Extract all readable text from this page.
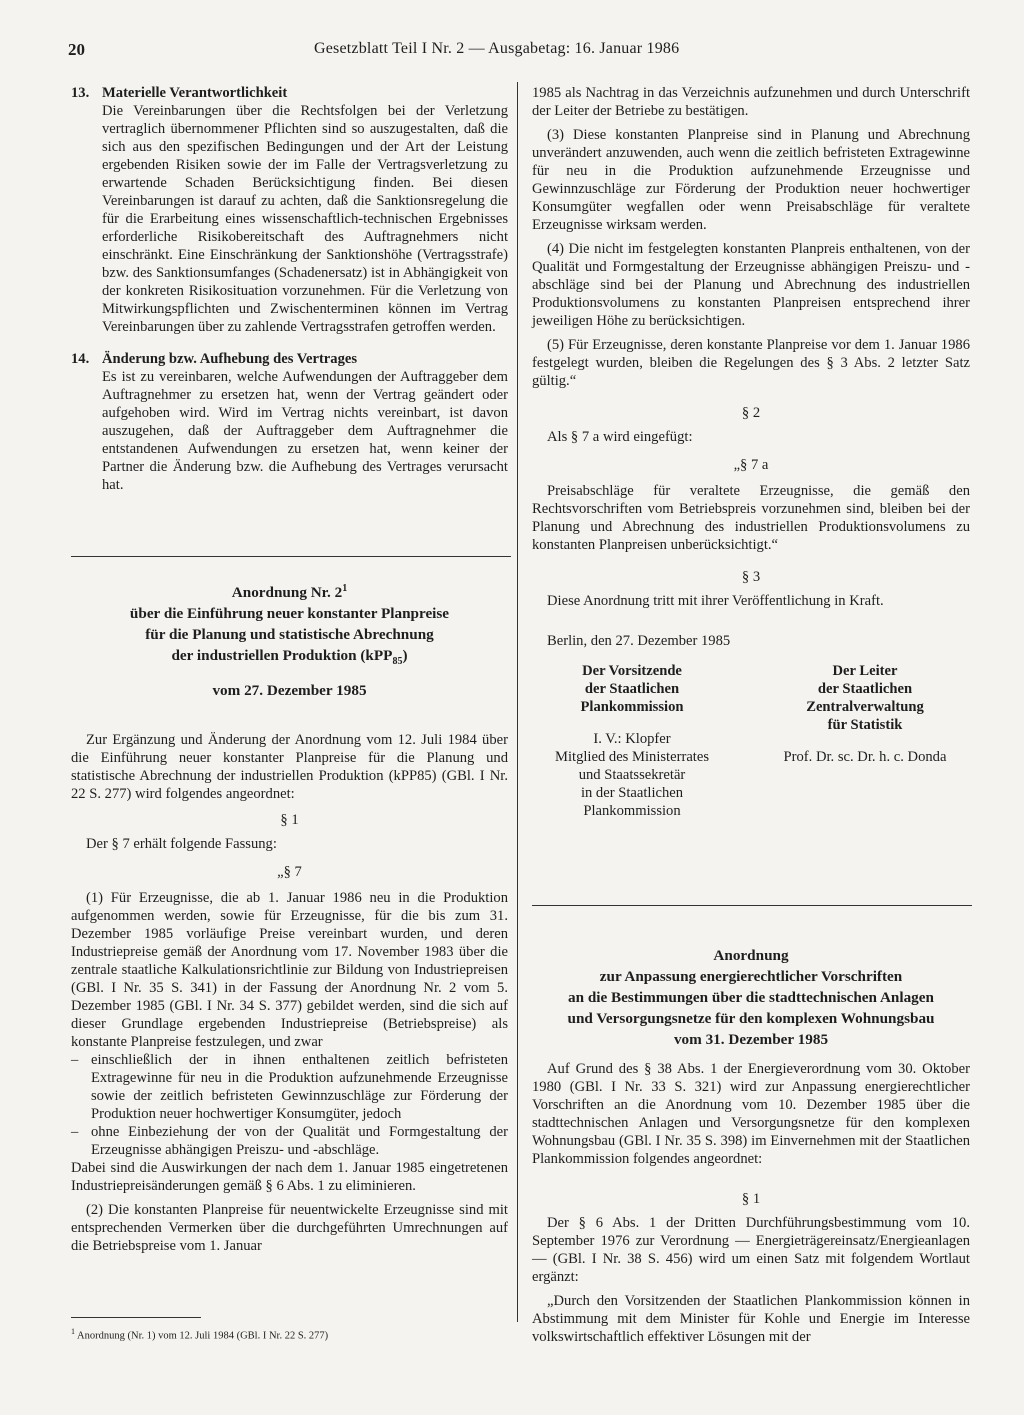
20	Gesetzblatt Teil I Nr. 2 — Ausgabetag: 16. Januar 1986

13. Materielle Verantwortlichkeit

Die Vereinbarungen über die Rechtsfolgen bei der Verletzung vertraglich übernommener Pflichten sind so auszugestalten, daß die sich aus den spezifischen Bedingungen und der Art der Leistung ergebenden Risiken sowie der im Falle der Vertragsverletzung zu erwartende Schaden Berücksichtigung finden. Bei diesen Vereinbarungen ist darauf zu achten, daß die Sanktionsregelung die für die Erarbeitung eines wissenschaftlich-technischen Ergebnisses erforderliche Risikobereitschaft des Auftragnehmers nicht einschränkt. Eine Einschränkung der Sanktionshöhe (Vertragsstrafe) bzw. des Sanktionsumfanges (Schadenersatz) ist in Abhängigkeit von der konkreten Risikosituation vorzunehmen. Für die Verletzung von Mitwirkungspflichten und Zwischenterminen können im Vertrag Vereinbarungen über zu zahlende Vertragsstrafen getroffen werden.

14. Änderung bzw. Aufhebung des Vertrages

Es ist zu vereinbaren, welche Aufwendungen der Auftraggeber dem Auftragnehmer zu ersetzen hat, wenn der Vertrag geändert oder aufgehoben wird. Wird im Vertrag nichts vereinbart, ist davon auszugehen, daß der Auftraggeber dem Auftragnehmer die entstandenen Aufwendungen zu ersetzen hat, wenn keiner der Partner die Änderung bzw. die Aufhebung des Vertrages verursacht hat.

Anordnung Nr. $2^1$
über die Einführung neuer konstanter Planpreise
für die Planung und statistische Abrechnung
der industriellen Produktion (kPP$_{85}$)
vom 27. Dezember 1985

Zur Ergänzung und Änderung der Anordnung vom 12. Juli 1984 über die Einführung neuer konstanter Planpreise für die Planung und statistische Abrechnung der industriellen Produktion (kPP85) (GBl. I Nr. 22 S. 277) wird folgendes angeordnet:

§ 1

Der § 7 erhält folgende Fassung:

„§ 7

(1) Für Erzeugnisse, die ab 1. Januar 1986 neu in die Produktion aufgenommen werden, sowie für Erzeugnisse, für die bis zum 31. Dezember 1985 vorläufige Preise vereinbart wurden, und deren Industriepreise gemäß der Anordnung vom 17. November 1983 über die zentrale staatliche Kalkulationsrichtlinie zur Bildung von Industriepreisen (GBl. I Nr. 35 S. 341) in der Fassung der Anordnung Nr. 2 vom 5. Dezember 1985 (GBl. I Nr. 34 S. 377) gebildet werden, sind die sich auf dieser Grundlage ergebenden Industriepreise (Betriebspreise) als konstante Planpreise festzulegen, und zwar

– einschließlich der in ihnen enthaltenen zeitlich befristeten Extragewinne für neu in die Produktion aufzunehmende Erzeugnisse sowie der zeitlich befristeten Gewinnzuschläge zur Förderung der Produktion neuer hochwertiger Konsumgüter, jedoch
– ohne Einbeziehung der von der Qualität und Formgestaltung der Erzeugnisse abhängigen Preiszu- und -abschläge.

Dabei sind die Auswirkungen der nach dem 1. Januar 1985 eingetretenen Industriepreisänderungen gemäß § 6 Abs. 1 zu eliminieren.

(2) Die konstanten Planpreise für neuentwickelte Erzeugnisse sind mit entsprechenden Vermerken über die durchgeführten Umrechnungen auf die Betriebspreise vom 1. Januar

$^1$ Anordnung (Nr. 1) vom 12. Juli 1984 (GBl. I Nr. 22 S. 277)

1985 als Nachtrag in das Verzeichnis aufzunehmen und durch Unterschrift der Leiter der Betriebe zu bestätigen.

(3) Diese konstanten Planpreise sind in Planung und Abrechnung unverändert anzuwenden, auch wenn die zeitlich befristeten Extragewinne für neu in die Produktion aufzunehmende Erzeugnisse und Gewinnzuschläge zur Förderung der Produktion neuer hochwertiger Konsumgüter wegfallen oder wenn Preisabschläge für veraltete Erzeugnisse wirksam werden.

(4) Die nicht im festgelegten konstanten Planpreis enthaltenen, von der Qualität und Formgestaltung der Erzeugnisse abhängigen Preiszu- und -abschläge sind bei der Planung und Abrechnung des industriellen Produktionsvolumens zu konstanten Planpreisen entsprechend ihrer jeweiligen Höhe zu berücksichtigen.

(5) Für Erzeugnisse, deren konstante Planpreise vor dem 1. Januar 1986 festgelegt wurden, bleiben die Regelungen des § 3 Abs. 2 letzter Satz gültig.“

§ 2

Als § 7 a wird eingefügt:

„§ 7 a

Preisabschläge für veraltete Erzeugnisse, die gemäß den Rechtsvorschriften vom Betriebspreis vorzunehmen sind, bleiben bei der Planung und Abrechnung des industriellen Produktionsvolumens zu konstanten Planpreisen unberücksichtigt.“

§ 3

Diese Anordnung tritt mit ihrer Veröffentlichung in Kraft.

Berlin, den 27. Dezember 1985

Der Vorsitzende
der Staatlichen
Plankommission
I. V.: Klopfer
Mitglied des Ministerrates
und Staatssekretär
in der Staatlichen
Plankommission
Der Leiter
der Staatlichen
Zentralverwaltung
für Statistik
Prof. Dr. sc. Dr. h. c. Donda
Anordnung
zur Anpassung energierechtlicher Vorschriften
an die Bestimmungen über die stadttechnischen Anlagen
und Versorgungsnetze für den komplexen Wohnungsbau
vom 31. Dezember 1985

Auf Grund des § 38 Abs. 1 der Energieverordnung vom 30. Oktober 1980 (GBl. I Nr. 33 S. 321) wird zur Anpassung energierechtlicher Vorschriften an die Anordnung vom 10. Dezember 1985 über die stadttechnischen Anlagen und Versorgungsnetze für den komplexen Wohnungsbau (GBl. I Nr. 35 S. 398) im Einvernehmen mit der Staatlichen Plankommission folgendes angeordnet:

§ 1

Der § 6 Abs. 1 der Dritten Durchführungsbestimmung vom 10. September 1976 zur Verordnung — Energieträgereinsatz/Energieanlagen — (GBl. I Nr. 38 S. 456) wird um einen Satz mit folgendem Wortlaut ergänzt:

„Durch den Vorsitzenden der Staatlichen Plankommission können in Abstimmung mit dem Minister für Kohle und Energie im Interesse volkswirtschaftlich effektiver Lösungen mit der
